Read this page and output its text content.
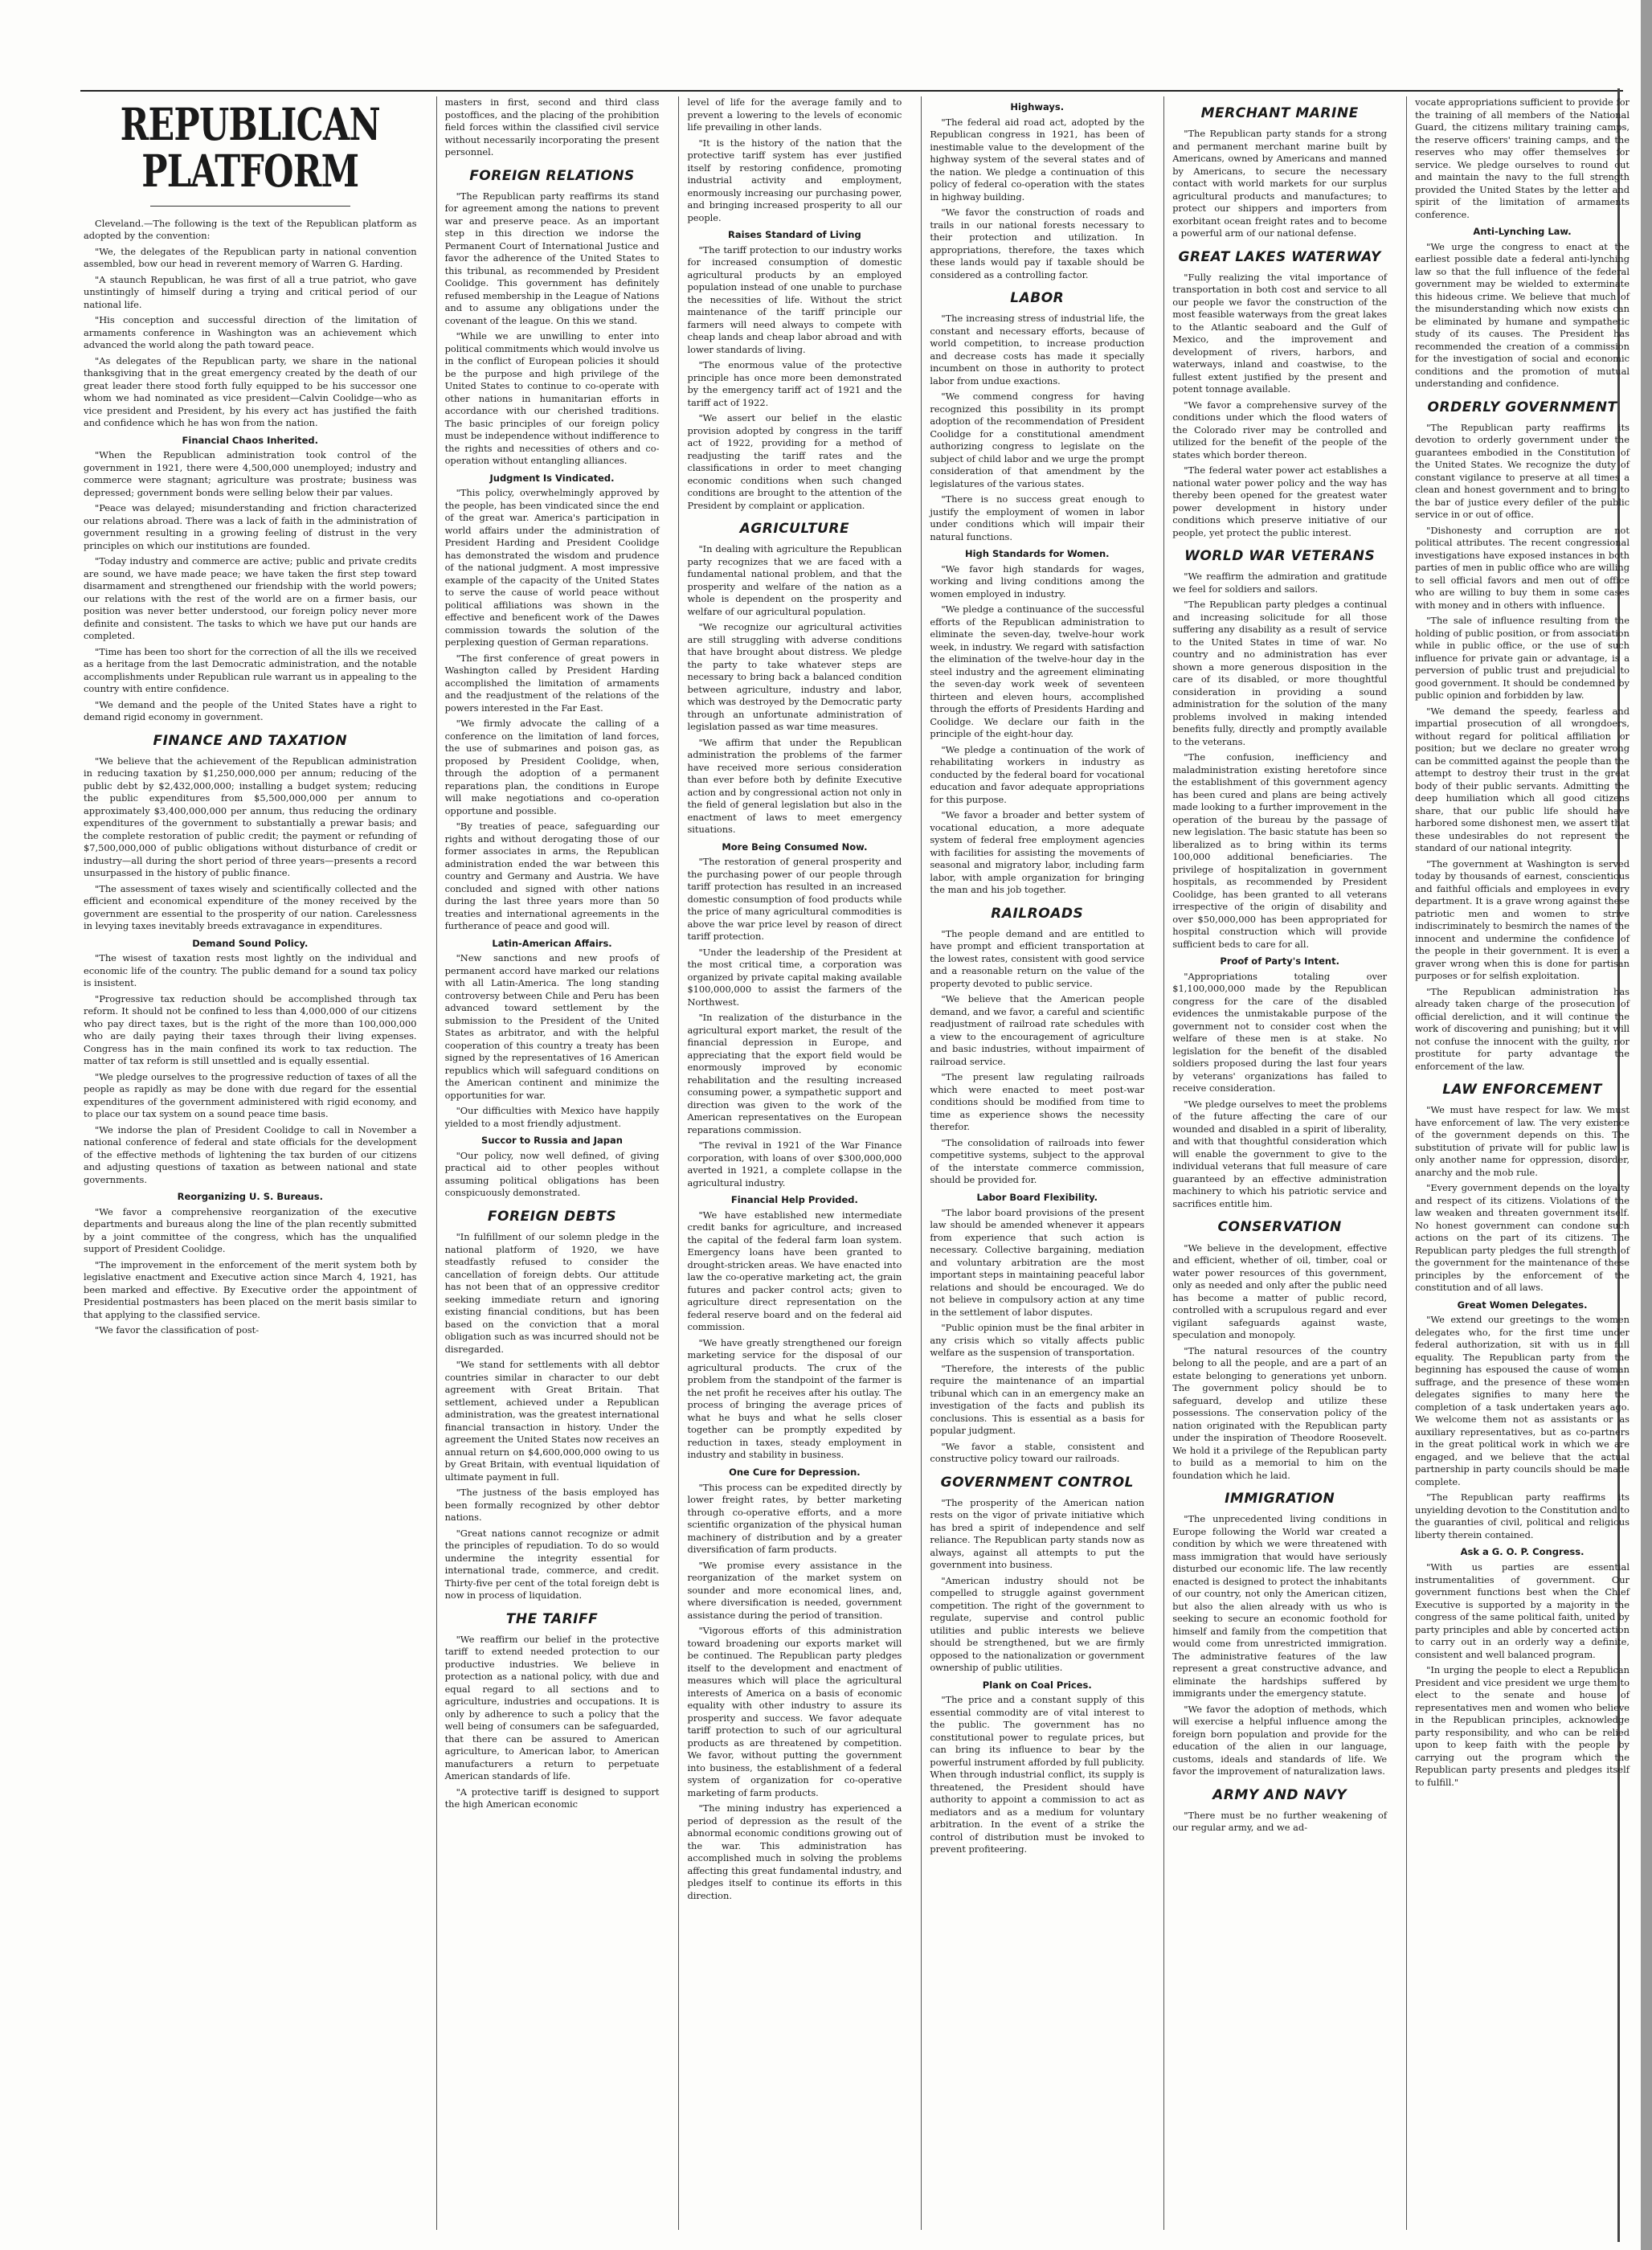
REPUBLICAN
PLATFORM

Cleveland.—The following is the text of the Republican platform as adopted by the convention:

"We, the delegates of the Republican party in national convention assembled, bow our head in reverent memory of Warren G. Harding.

"A staunch Republican, he was first of all a true patriot, who gave unstintingly of himself during a trying and critical period of our national life.

"His conception and successful direction of the limitation of armaments conference in Washington was an achievement which advanced the world along the path toward peace.

"As delegates of the Republican party, we share in the national thanksgiving that in the great emergency created by the death of our great leader there stood forth fully equipped to be his successor one whom we had nominated as vice president—Calvin Coolidge—who as vice president and President, by his every act has justified the faith and confidence which he has won from the nation.

Financial Chaos Inherited.

"When the Republican administration took control of the government in 1921, there were 4,500,000 unemployed; industry and commerce were stagnant; agriculture was prostrate; business was depressed; government bonds were selling below their par values.

"Peace was delayed; misunderstanding and friction characterized our relations abroad. There was a lack of faith in the administration of government resulting in a growing feeling of distrust in the very principles on which our institutions are founded.

"Today industry and commerce are active; public and private credits are sound, we have made peace; we have taken the first step toward disarmament and strengthened our friendship with the world powers; our relations with the rest of the world are on a firmer basis, our position was never better understood, our foreign policy never more definite and consistent. The tasks to which we have put our hands are completed.

"Time has been too short for the correction of all the ills we received as a heritage from the last Democratic administration, and the notable accomplishments under Republican rule warrant us in appealing to the country with entire confidence.

"We demand and the people of the United States have a right to demand rigid economy in government.

FINANCE AND TAXATION

"We believe that the achievement of the Republican administration in reducing taxation by $1,250,000,000 per annum; reducing of the public debt by $2,432,000,000; installing a budget system; reducing the public expenditures from $5,500,000,000 per annum to approximately $3,400,000,000 per annum, thus reducing the ordinary expenditures of the government to substantially a prewar basis; and the complete restoration of public credit; the payment or refunding of $7,500,000,000 of public obligations without disturbance of credit or industry—all during the short period of three years—presents a record unsurpassed in the history of public finance.

"The assessment of taxes wisely and scientifically collected and the efficient and economical expenditure of the money received by the government are essential to the prosperity of our nation. Carelessness in levying taxes inevitably breeds extravagance in expenditures.

Demand Sound Policy.

"The wisest of taxation rests most lightly on the individual and economic life of the country. The public demand for a sound tax policy is insistent.

"Progressive tax reduction should be accomplished through tax reform. It should not be confined to less than 4,000,000 of our citizens who pay direct taxes, but is the right of the more than 100,000,000 who are daily paying their taxes through their living expenses. Congress has in the main confined its work to tax reduction. The matter of tax reform is still unsettled and is equally essential.

"We pledge ourselves to the progressive reduction of taxes of all the people as rapidly as may be done with due regard for the essential expenditures of the government administered with rigid economy, and to place our tax system on a sound peace time basis.

"We indorse the plan of President Coolidge to call in November a national conference of federal and state officials for the development of the effective methods of lightening the tax burden of our citizens and adjusting questions of taxation as between national and state governments.

Reorganizing U. S. Bureaus.

"We favor a comprehensive reorganization of the executive departments and bureaus along the line of the plan recently submitted by a joint committee of the congress, which has the unqualified support of President Coolidge.

"The improvement in the enforcement of the merit system both by legislative enactment and Executive action since March 4, 1921, has been marked and effective. By Executive order the appointment of Presidential postmasters has been placed on the merit basis similar to that applying to the classified service.

"We favor the classification of post-

masters in first, second and third class postoffices, and the placing of the prohibition field forces within the classified civil service without necessarily incorporating the present personnel.

FOREIGN RELATIONS

"The Republican party reaffirms its stand for agreement among the nations to prevent war and preserve peace. As an important step in this direction we indorse the Permanent Court of International Justice and favor the adherence of the United States to this tribunal, as recommended by President Coolidge. This government has definitely refused membership in the League of Nations and to assume any obligations under the covenant of the league. On this we stand.

"While we are unwilling to enter into political commitments which would involve us in the conflict of European policies it should be the purpose and high privilege of the United States to continue to co-operate with other nations in humanitarian efforts in accordance with our cherished traditions. The basic principles of our foreign policy must be independence without indifference to the rights and necessities of others and co-operation without entangling alliances.

Judgment Is Vindicated.

"This policy, overwhelmingly approved by the people, has been vindicated since the end of the great war. America's participation in world affairs under the administration of President Harding and President Coolidge has demonstrated the wisdom and prudence of the national judgment. A most impressive example of the capacity of the United States to serve the cause of world peace without political affiliations was shown in the effective and beneficent work of the Dawes commission towards the solution of the perplexing question of German reparations.

"The first conference of great powers in Washington called by President Harding accomplished the limitation of armaments and the readjustment of the relations of the powers interested in the Far East.

"We firmly advocate the calling of a conference on the limitation of land forces, the use of submarines and poison gas, as proposed by President Coolidge, when, through the adoption of a permanent reparations plan, the conditions in Europe will make negotiations and co-operation opportune and possible.

"By treaties of peace, safeguarding our rights and without derogating those of our former associates in arms, the Republican administration ended the war between this country and Germany and Austria. We have concluded and signed with other nations during the last three years more than 50 treaties and international agreements in the furtherance of peace and good will.

Latin-American Affairs.

"New sanctions and new proofs of permanent accord have marked our relations with all Latin-America. The long standing controversy between Chile and Peru has been advanced toward settlement by the submission to the President of the United States as arbitrator, and with the helpful cooperation of this country a treaty has been signed by the representatives of 16 American republics which will safeguard conditions on the American continent and minimize the opportunities for war.

"Our difficulties with Mexico have happily yielded to a most friendly adjustment.

Succor to Russia and Japan

"Our policy, now well defined, of giving practical aid to other peoples without assuming political obligations has been conspicuously demonstrated.

FOREIGN DEBTS

"In fulfillment of our solemn pledge in the national platform of 1920, we have steadfastly refused to consider the cancellation of foreign debts. Our attitude has not been that of an oppressive creditor seeking immediate return and ignoring existing financial conditions, but has been based on the conviction that a moral obligation such as was incurred should not be disregarded.

"We stand for settlements with all debtor countries similar in character to our debt agreement with Great Britain. That settlement, achieved under a Republican administration, was the greatest international financial transaction in history. Under the agreement the United States now receives an annual return on $4,600,000,000 owing to us by Great Britain, with eventual liquidation of ultimate payment in full.

"The justness of the basis employed has been formally recognized by other debtor nations.

"Great nations cannot recognize or admit the principles of repudiation. To do so would undermine the integrity essential for international trade, commerce, and credit. Thirty-five per cent of the total foreign debt is now in process of liquidation.

THE TARIFF

"We reaffirm our belief in the protective tariff to extend needed protection to our productive industries. We believe in protection as a national policy, with due and equal regard to all sections and to agriculture, industries and occupations. It is only by adherence to such a policy that the well being of consumers can be safeguarded, that there can be assured to American agriculture, to American labor, to American manufacturers a return to perpetuate American standards of life.

"A protective tariff is designed to support the high American economic

level of life for the average family and to prevent a lowering to the levels of economic life prevailing in other lands.

"It is the history of the nation that the protective tariff system has ever justified itself by restoring confidence, promoting industrial activity and employment, enormously increasing our purchasing power, and bringing increased prosperity to all our people.

Raises Standard of Living

"The tariff protection to our industry works for increased consumption of domestic agricultural products by an employed population instead of one unable to purchase the necessities of life. Without the strict maintenance of the tariff principle our farmers will need always to compete with cheap lands and cheap labor abroad and with lower standards of living.

"The enormous value of the protective principle has once more been demonstrated by the emergency tariff act of 1921 and the tariff act of 1922.

"We assert our belief in the elastic provision adopted by congress in the tariff act of 1922, providing for a method of readjusting the tariff rates and the classifications in order to meet changing economic conditions when such changed conditions are brought to the attention of the President by complaint or application.

AGRICULTURE

"In dealing with agriculture the Republican party recognizes that we are faced with a fundamental national problem, and that the prosperity and welfare of the nation as a whole is dependent on the prosperity and welfare of our agricultural population.

"We recognize our agricultural activities are still struggling with adverse conditions that have brought about distress. We pledge the party to take whatever steps are necessary to bring back a balanced condition between agriculture, industry and labor, which was destroyed by the Democratic party through an unfortunate administration of legislation passed as war time measures.

"We affirm that under the Republican administration the problems of the farmer have received more serious consideration than ever before both by definite Executive action and by congressional action not only in the field of general legislation but also in the enactment of laws to meet emergency situations.

More Being Consumed Now.

"The restoration of general prosperity and the purchasing power of our people through tariff protection has resulted in an increased domestic consumption of food products while the price of many agricultural commodities is above the war price level by reason of direct tariff protection.

"Under the leadership of the President at the most critical time, a corporation was organized by private capital making available $100,000,000 to assist the farmers of the Northwest.

"In realization of the disturbance in the agricultural export market, the result of the financial depression in Europe, and appreciating that the export field would be enormously improved by economic rehabilitation and the resulting increased consuming power, a sympathetic support and direction was given to the work of the American representatives on the European reparations commission.

"The revival in 1921 of the War Finance corporation, with loans of over $300,000,000 averted in 1921, a complete collapse in the agricultural industry.

Financial Help Provided.

"We have established new intermediate credit banks for agriculture, and increased the capital of the federal farm loan system. Emergency loans have been granted to drought-stricken areas. We have enacted into law the co-operative marketing act, the grain futures and packer control acts; given to agriculture direct representation on the federal reserve board and on the federal aid commission.

"We have greatly strengthened our foreign marketing service for the disposal of our agricultural products. The crux of the problem from the standpoint of the farmer is the net profit he receives after his outlay. The process of bringing the average prices of what he buys and what he sells closer together can be promptly expedited by reduction in taxes, steady employment in industry and stability in business.

One Cure for Depression.

"This process can be expedited directly by lower freight rates, by better marketing through co-operative efforts, and a more scientific organization of the physical human machinery of distribution and by a greater diversification of farm products.

"We promise every assistance in the reorganization of the market system on sounder and more economical lines, and, where diversification is needed, government assistance during the period of transition.

"Vigorous efforts of this administration toward broadening our exports market will be continued. The Republican party pledges itself to the development and enactment of measures which will place the agricultural interests of America on a basis of economic equality with other industry to assure its prosperity and success. We favor adequate tariff protection to such of our agricultural products as are threatened by competition. We favor, without putting the government into business, the establishment of a federal system of organization for co-operative marketing of farm products.

"The mining industry has experienced a period of depression as the result of the abnormal economic conditions growing out of the war. This administration has accomplished much in solving the problems affecting this great fundamental industry, and pledges itself to continue its efforts in this direction.

Highways.

"The federal aid road act, adopted by the Republican congress in 1921, has been of inestimable value to the development of the highway system of the several states and of the nation. We pledge a continuation of this policy of federal co-operation with the states in highway building.

"We favor the construction of roads and trails in our national forests necessary to their protection and utilization. In appropriations, therefore, the taxes which these lands would pay if taxable should be considered as a controlling factor.

LABOR

"The increasing stress of industrial life, the constant and necessary efforts, because of world competition, to increase production and decrease costs has made it specially incumbent on those in authority to protect labor from undue exactions.

"We commend congress for having recognized this possibility in its prompt adoption of the recommendation of President Coolidge for a constitutional amendment authorizing congress to legislate on the subject of child labor and we urge the prompt consideration of that amendment by the legislatures of the various states.

"There is no success great enough to justify the employment of women in labor under conditions which will impair their natural functions.

High Standards for Women.

"We favor high standards for wages, working and living conditions among the women employed in industry.

"We pledge a continuance of the successful efforts of the Republican administration to eliminate the seven-day, twelve-hour work week, in industry. We regard with satisfaction the elimination of the twelve-hour day in the steel industry and the agreement eliminating the seven-day work week of seventeen thirteen and eleven hours, accomplished through the efforts of Presidents Harding and Coolidge. We declare our faith in the principle of the eight-hour day.

"We pledge a continuation of the work of rehabilitating workers in industry as conducted by the federal board for vocational education and favor adequate appropriations for this purpose.

"We favor a broader and better system of vocational education, a more adequate system of federal free employment agencies with facilities for assisting the movements of seasonal and migratory labor, including farm labor, with ample organization for bringing the man and his job together.

RAILROADS

"The people demand and are entitled to have prompt and efficient transportation at the lowest rates, consistent with good service and a reasonable return on the value of the property devoted to public service.

"We believe that the American people demand, and we favor, a careful and scientific readjustment of railroad rate schedules with a view to the encouragement of agriculture and basic industries, without impairment of railroad service.

"The present law regulating railroads which were enacted to meet post-war conditions should be modified from time to time as experience shows the necessity therefor.

"The consolidation of railroads into fewer competitive systems, subject to the approval of the interstate commerce commission, should be provided for.

Labor Board Flexibility.

"The labor board provisions of the present law should be amended whenever it appears from experience that such action is necessary. Collective bargaining, mediation and voluntary arbitration are the most important steps in maintaining peaceful labor relations and should be encouraged. We do not believe in compulsory action at any time in the settlement of labor disputes.

"Public opinion must be the final arbiter in any crisis which so vitally affects public welfare as the suspension of transportation.

"Therefore, the interests of the public require the maintenance of an impartial tribunal which can in an emergency make an investigation of the facts and publish its conclusions. This is essential as a basis for popular judgment.

"We favor a stable, consistent and constructive policy toward our railroads.

GOVERNMENT CONTROL

"The prosperity of the American nation rests on the vigor of private initiative which has bred a spirit of independence and self reliance. The Republican party stands now as always, against all attempts to put the government into business.

"American industry should not be compelled to struggle against government competition. The right of the government to regulate, supervise and control public utilities and public interests we believe should be strengthened, but we are firmly opposed to the nationalization or government ownership of public utilities.

Plank on Coal Prices.

"The price and a constant supply of this essential commodity are of vital interest to the public. The government has no constitutional power to regulate prices, but can bring its influence to bear by the powerful instrument afforded by full publicity. When through industrial conflict, its supply is threatened, the President should have authority to appoint a commission to act as mediators and as a medium for voluntary arbitration. In the event of a strike the control of distribution must be invoked to prevent profiteering.

MERCHANT MARINE

"The Republican party stands for a strong and permanent merchant marine built by Americans, owned by Americans and manned by Americans, to secure the necessary contact with world markets for our surplus agricultural products and manufactures; to protect our shippers and importers from exorbitant ocean freight rates and to become a powerful arm of our national defense.

GREAT LAKES WATERWAY

"Fully realizing the vital importance of transportation in both cost and service to all our people we favor the construction of the most feasible waterways from the great lakes to the Atlantic seaboard and the Gulf of Mexico, and the improvement and development of rivers, harbors, and waterways, inland and coastwise, to the fullest extent justified by the present and potent tonnage available.

"We favor a comprehensive survey of the conditions under which the flood waters of the Colorado river may be controlled and utilized for the benefit of the people of the states which border thereon.

"The federal water power act establishes a national water power policy and the way has thereby been opened for the greatest water power development in history under conditions which preserve initiative of our people, yet protect the public interest.

WORLD WAR VETERANS

"We reaffirm the admiration and gratitude we feel for soldiers and sailors.

"The Republican party pledges a continual and increasing solicitude for all those suffering any disability as a result of service to the United States in time of war. No country and no administration has ever shown a more generous disposition in the care of its disabled, or more thoughtful consideration in providing a sound administration for the solution of the many problems involved in making intended benefits fully, directly and promptly available to the veterans.

"The confusion, inefficiency and maladministration existing heretofore since the establishment of this government agency has been cured and plans are being actively made looking to a further improvement in the operation of the bureau by the passage of new legislation. The basic statute has been so liberalized as to bring within its terms 100,000 additional beneficiaries. The privilege of hospitalization in government hospitals, as recommended by President Coolidge, has been granted to all veterans irrespective of the origin of disability and over $50,000,000 has been appropriated for hospital construction which will provide sufficient beds to care for all.

Proof of Party's Intent.

"Appropriations totaling over $1,100,000,000 made by the Republican congress for the care of the disabled evidences the unmistakable purpose of the government not to consider cost when the welfare of these men is at stake. No legislation for the benefit of the disabled soldiers proposed during the last four years by veterans' organizations has failed to receive consideration.

"We pledge ourselves to meet the problems of the future affecting the care of our wounded and disabled in a spirit of liberality, and with that thoughtful consideration which will enable the government to give to the individual veterans that full measure of care guaranteed by an effective administration machinery to which his patriotic service and sacrifices entitle him.

CONSERVATION

"We believe in the development, effective and efficient, whether of oil, timber, coal or water power resources of this government, only as needed and only after the public need has become a matter of public record, controlled with a scrupulous regard and ever vigilant safeguards against waste, speculation and monopoly.

"The natural resources of the country belong to all the people, and are a part of an estate belonging to generations yet unborn. The government policy should be to safeguard, develop and utilize these possessions. The conservation policy of the nation originated with the Republican party under the inspiration of Theodore Roosevelt. We hold it a privilege of the Republican party to build as a memorial to him on the foundation which he laid.

IMMIGRATION

"The unprecedented living conditions in Europe following the World war created a condition by which we were threatened with mass immigration that would have seriously disturbed our economic life. The law recently enacted is designed to protect the inhabitants of our country, not only the American citizen, but also the alien already with us who is seeking to secure an economic foothold for himself and family from the competition that would come from unrestricted immigration. The administrative features of the law represent a great constructive advance, and eliminate the hardships suffered by immigrants under the emergency statute.

"We favor the adoption of methods, which will exercise a helpful influence among the foreign born population and provide for the education of the alien in our language, customs, ideals and standards of life. We favor the improvement of naturalization laws.

ARMY AND NAVY

"There must be no further weakening of our regular army, and we ad-

vocate appropriations sufficient to provide for the training of all members of the National Guard, the citizens military training camps, the reserve officers' training camps, and the reserves who may offer themselves for service. We pledge ourselves to round out and maintain the navy to the full strength provided the United States by the letter and spirit of the limitation of armaments conference.

Anti-Lynching Law.

"We urge the congress to enact at the earliest possible date a federal anti-lynching law so that the full influence of the federal government may be wielded to exterminate this hideous crime. We believe that much of the misunderstanding which now exists can be eliminated by humane and sympathetic study of its causes. The President has recommended the creation of a commission for the investigation of social and economic conditions and the promotion of mutual understanding and confidence.

ORDERLY GOVERNMENT

"The Republican party reaffirms its devotion to orderly government under the guarantees embodied in the Constitution of the United States. We recognize the duty of constant vigilance to preserve at all times a clean and honest government and to bring to the bar of justice every defiler of the public service in or out of office.

"Dishonesty and corruption are not political attributes. The recent congressional investigations have exposed instances in both parties of men in public office who are willing to sell official favors and men out of office who are willing to buy them in some cases with money and in others with influence.

"The sale of influence resulting from the holding of public position, or from association while in public office, or the use of such influence for private gain or advantage, is a perversion of public trust and prejudicial to good government. It should be condemned by public opinion and forbidden by law.

"We demand the speedy, fearless and impartial prosecution of all wrongdoers, without regard for political affiliation or position; but we declare no greater wrong can be committed against the people than the attempt to destroy their trust in the great body of their public servants. Admitting the deep humiliation which all good citizens share, that our public life should have harbored some dishonest men, we assert that these undesirables do not represent the standard of our national integrity.

"The government at Washington is served today by thousands of earnest, conscientious and faithful officials and employees in every department. It is a grave wrong against these patriotic men and women to strive indiscriminately to besmirch the names of the innocent and undermine the confidence of the people in their government. It is even a graver wrong when this is done for partisan purposes or for selfish exploitation.

"The Republican administration has already taken charge of the prosecution of official dereliction, and it will continue the work of discovering and punishing; but it will not confuse the innocent with the guilty, nor prostitute for party advantage the enforcement of the law.

LAW ENFORCEMENT

"We must have respect for law. We must have enforcement of law. The very existence of the government depends on this. The substitution of private will for public law is only another name for oppression, disorder, anarchy and the mob rule.

"Every government depends on the loyalty and respect of its citizens. Violations of the law weaken and threaten government itself. No honest government can condone such actions on the part of its citizens. The Republican party pledges the full strength of the government for the maintenance of these principles by the enforcement of the constitution and of all laws.

Great Women Delegates.

"We extend our greetings to the women delegates who, for the first time under federal authorization, sit with us in full equality. The Republican party from the beginning has espoused the cause of woman suffrage, and the presence of these women delegates signifies to many here the completion of a task undertaken years ago. We welcome them not as assistants or as auxiliary representatives, but as co-partners in the great political work in which we are engaged, and we believe that the actual partnership in party councils should be made complete.

"The Republican party reaffirms its unyielding devotion to the Constitution and to the guaranties of civil, political and religious liberty therein contained.

Ask a G. O. P. Congress.

"With us parties are essential instrumentalities of government. Our government functions best when the Chief Executive is supported by a majority in the congress of the same political faith, united by party principles and able by concerted action to carry out in an orderly way a definite, consistent and well balanced program.

"In urging the people to elect a Republican President and vice president we urge them to elect to the senate and house of representatives men and women who believe in the Republican principles, acknowledge party responsibility, and who can be relied upon to keep faith with the people by carrying out the program which the Republican party presents and pledges itself to fulfill."
